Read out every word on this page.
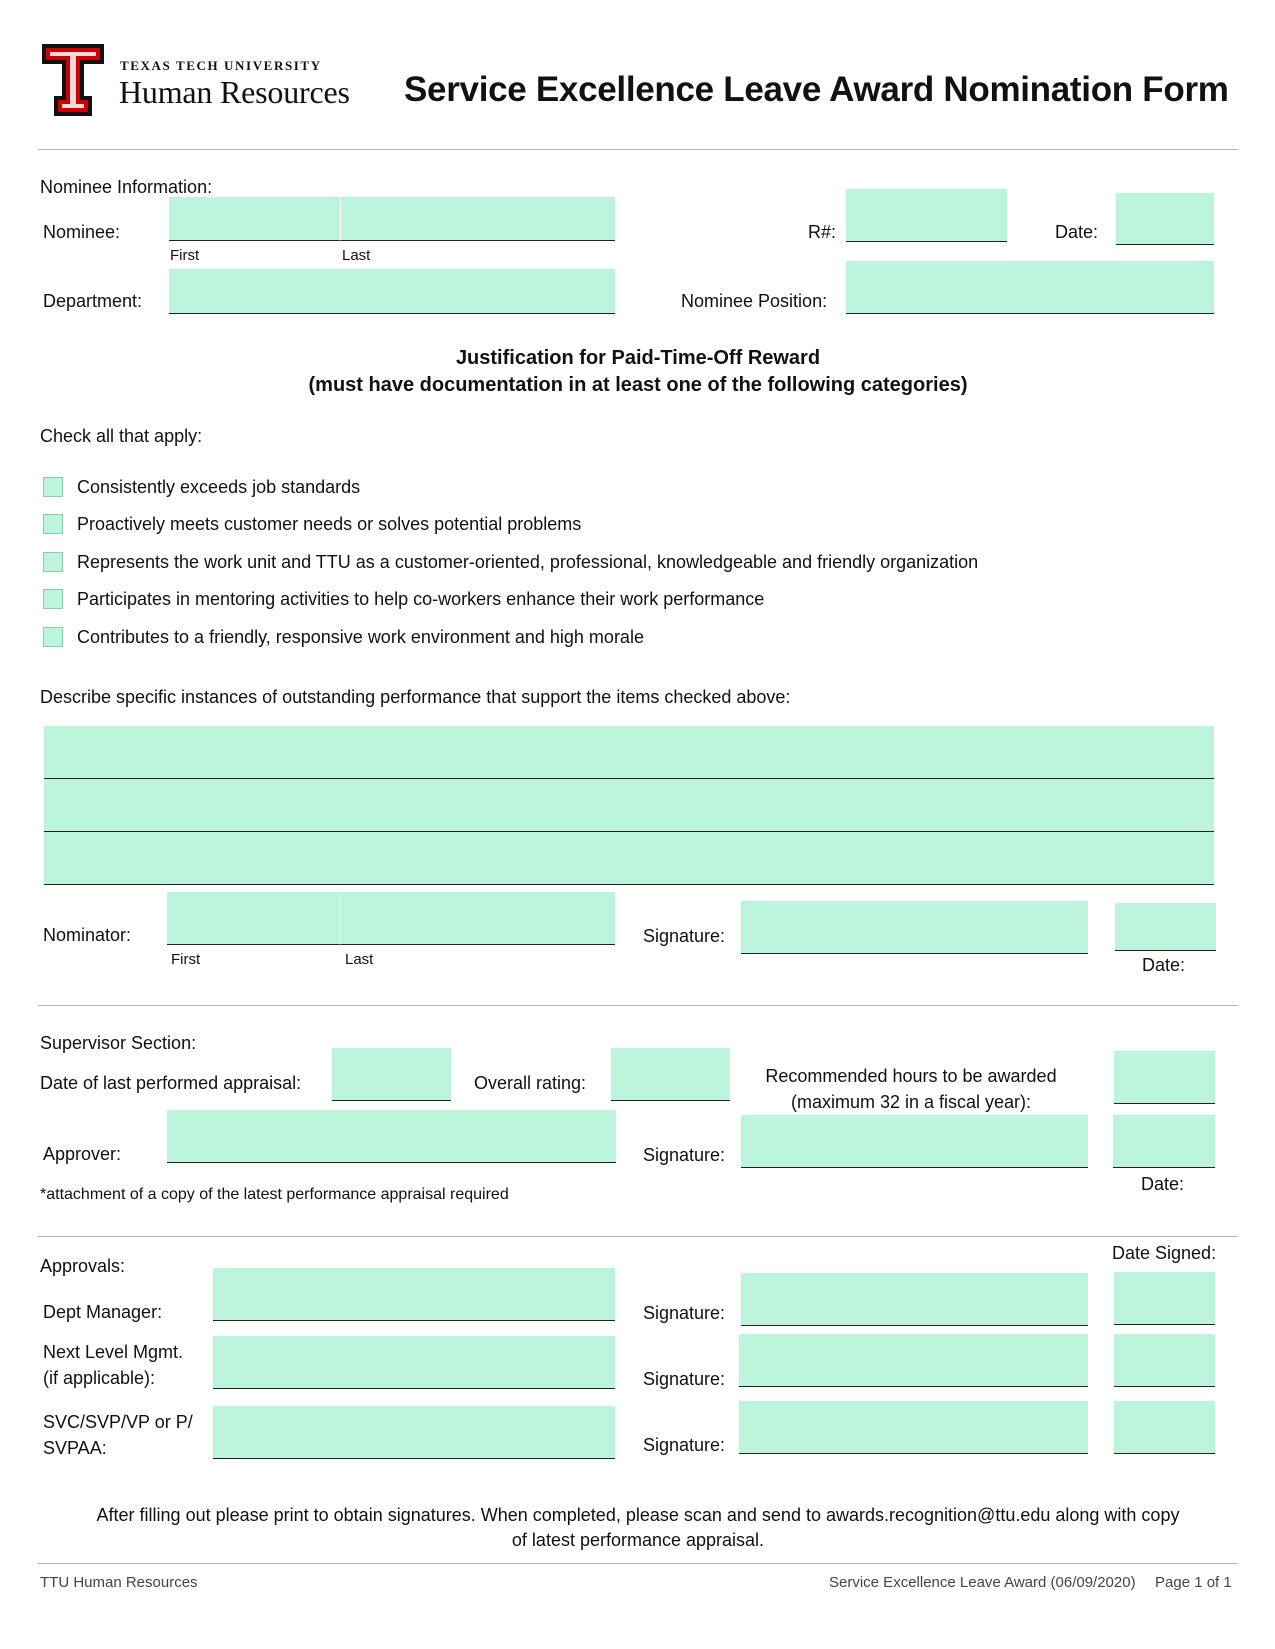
TEXAS TECH UNIVERSITY
Human Resources Service Excellence Leave Award Nomination Form
Nominee Information:
Nominee:
First	Last
R#:	Date:
Department:	Nominee Position:
Justification for Paid-Time-Off Reward
(must have documentation in at least one of the following categories)
Check all that apply:
Consistently exceeds job standards
Proactively meets customer needs or solves potential problems
Represents the work unit and TTU as a customer-oriented, professional, knowledgeable and friendly organization
Participates in mentoring activities to help co-workers enhance their work performance
Contributes to a friendly, responsive work environment and high morale
Describe specific instances of outstanding performance that support the items checked above:
Nominator:
First	Last
Signature:
Date:
Supervisor Section:
Date of last performed appraisal:	Overall rating:	Recommended hours to be awarded
(maximum 32 in a fiscal year):
Approver:	Signature:
Date:
*attachment of a copy of the latest performance appraisal required
Date Signed:
Approvals:
Dept Manager:	Signature:
Next Level Mgmt.
(if applicable):	Signature:
SVC/SVP/VP or P/
SVPAA:	Signature:
After filling out please print to obtain signatures. When completed, please scan and send to awards.recognition@ttu.edu along with copy
of latest performance appraisal.
TTU Human Resources	Service Excellence Leave Award (06/09/2020) Page 1 of 1
